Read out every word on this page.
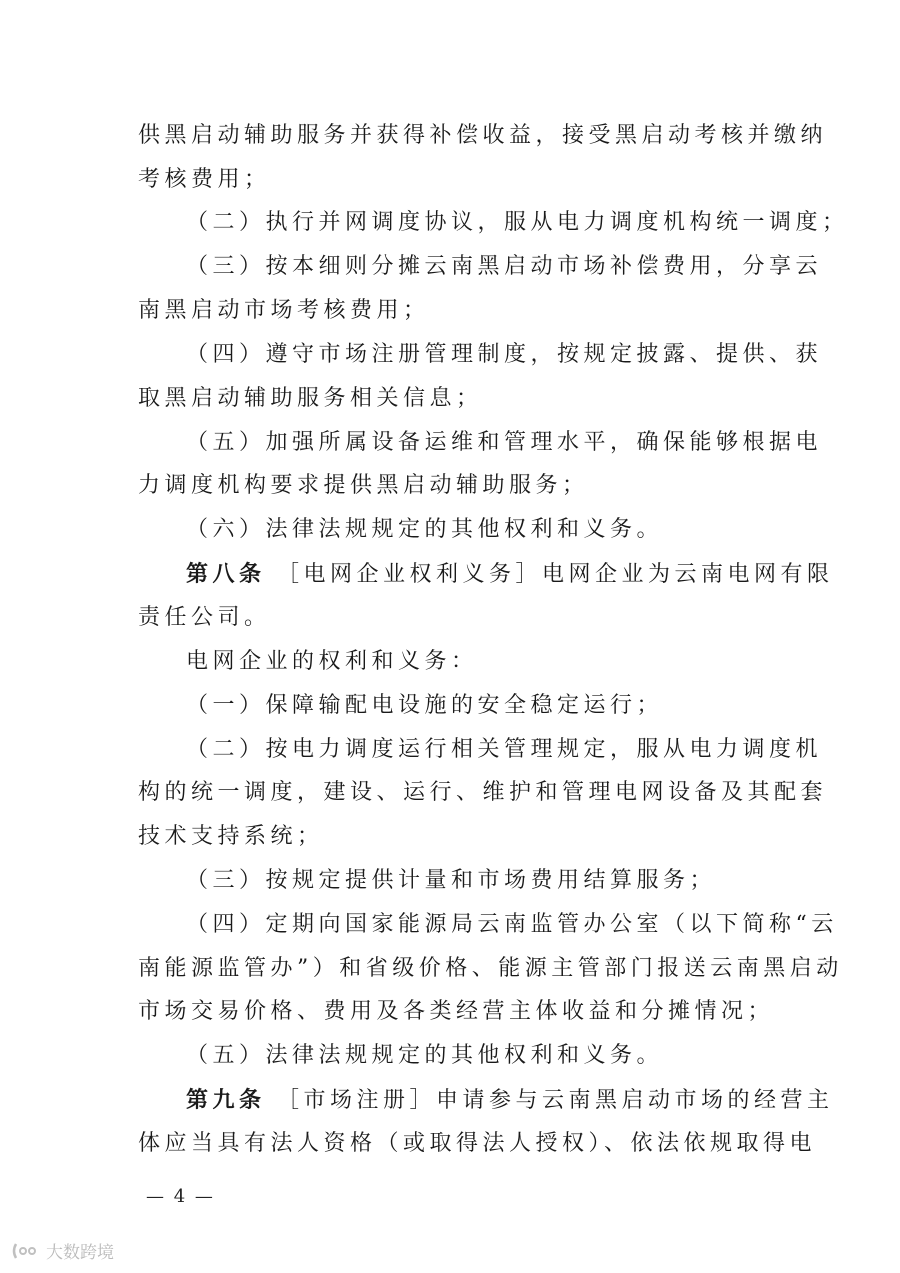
供黑启动辅助服务并获得补偿收益，接受黑启动考核并缴纳
考核费用；
（二）执行并网调度协议，服从电力调度机构统一调度；
（三）按本细则分摊云南黑启动市场补偿费用，分享云
南黑启动市场考核费用；
（四）遵守市场注册管理制度，按规定披露、提供、获
取黑启动辅助服务相关信息；
（五）加强所属设备运维和管理水平，确保能够根据电
力调度机构要求提供黑启动辅助服务；
（六）法律法规规定的其他权利和义务。
第八条 ［电网企业权利义务］电网企业为云南电网有限
责任公司。
电网企业的权利和义务：
（一）保障输配电设施的安全稳定运行；
（二）按电力调度运行相关管理规定，服从电力调度机
构的统一调度，建设、运行、维护和管理电网设备及其配套
技术支持系统；
（三）按规定提供计量和市场费用结算服务；
（四）定期向国家能源局云南监管办公室（以下简称“云
南能源监管办”）和省级价格、能源主管部门报送云南黑启动
市场交易价格、费用及各类经营主体收益和分摊情况；
（五）法律法规规定的其他权利和义务。
第九条 ［市场注册］申请参与云南黑启动市场的经营主
体应当具有法人资格（或取得法人授权）、依法依规取得电
— 4 —
大数跨境
